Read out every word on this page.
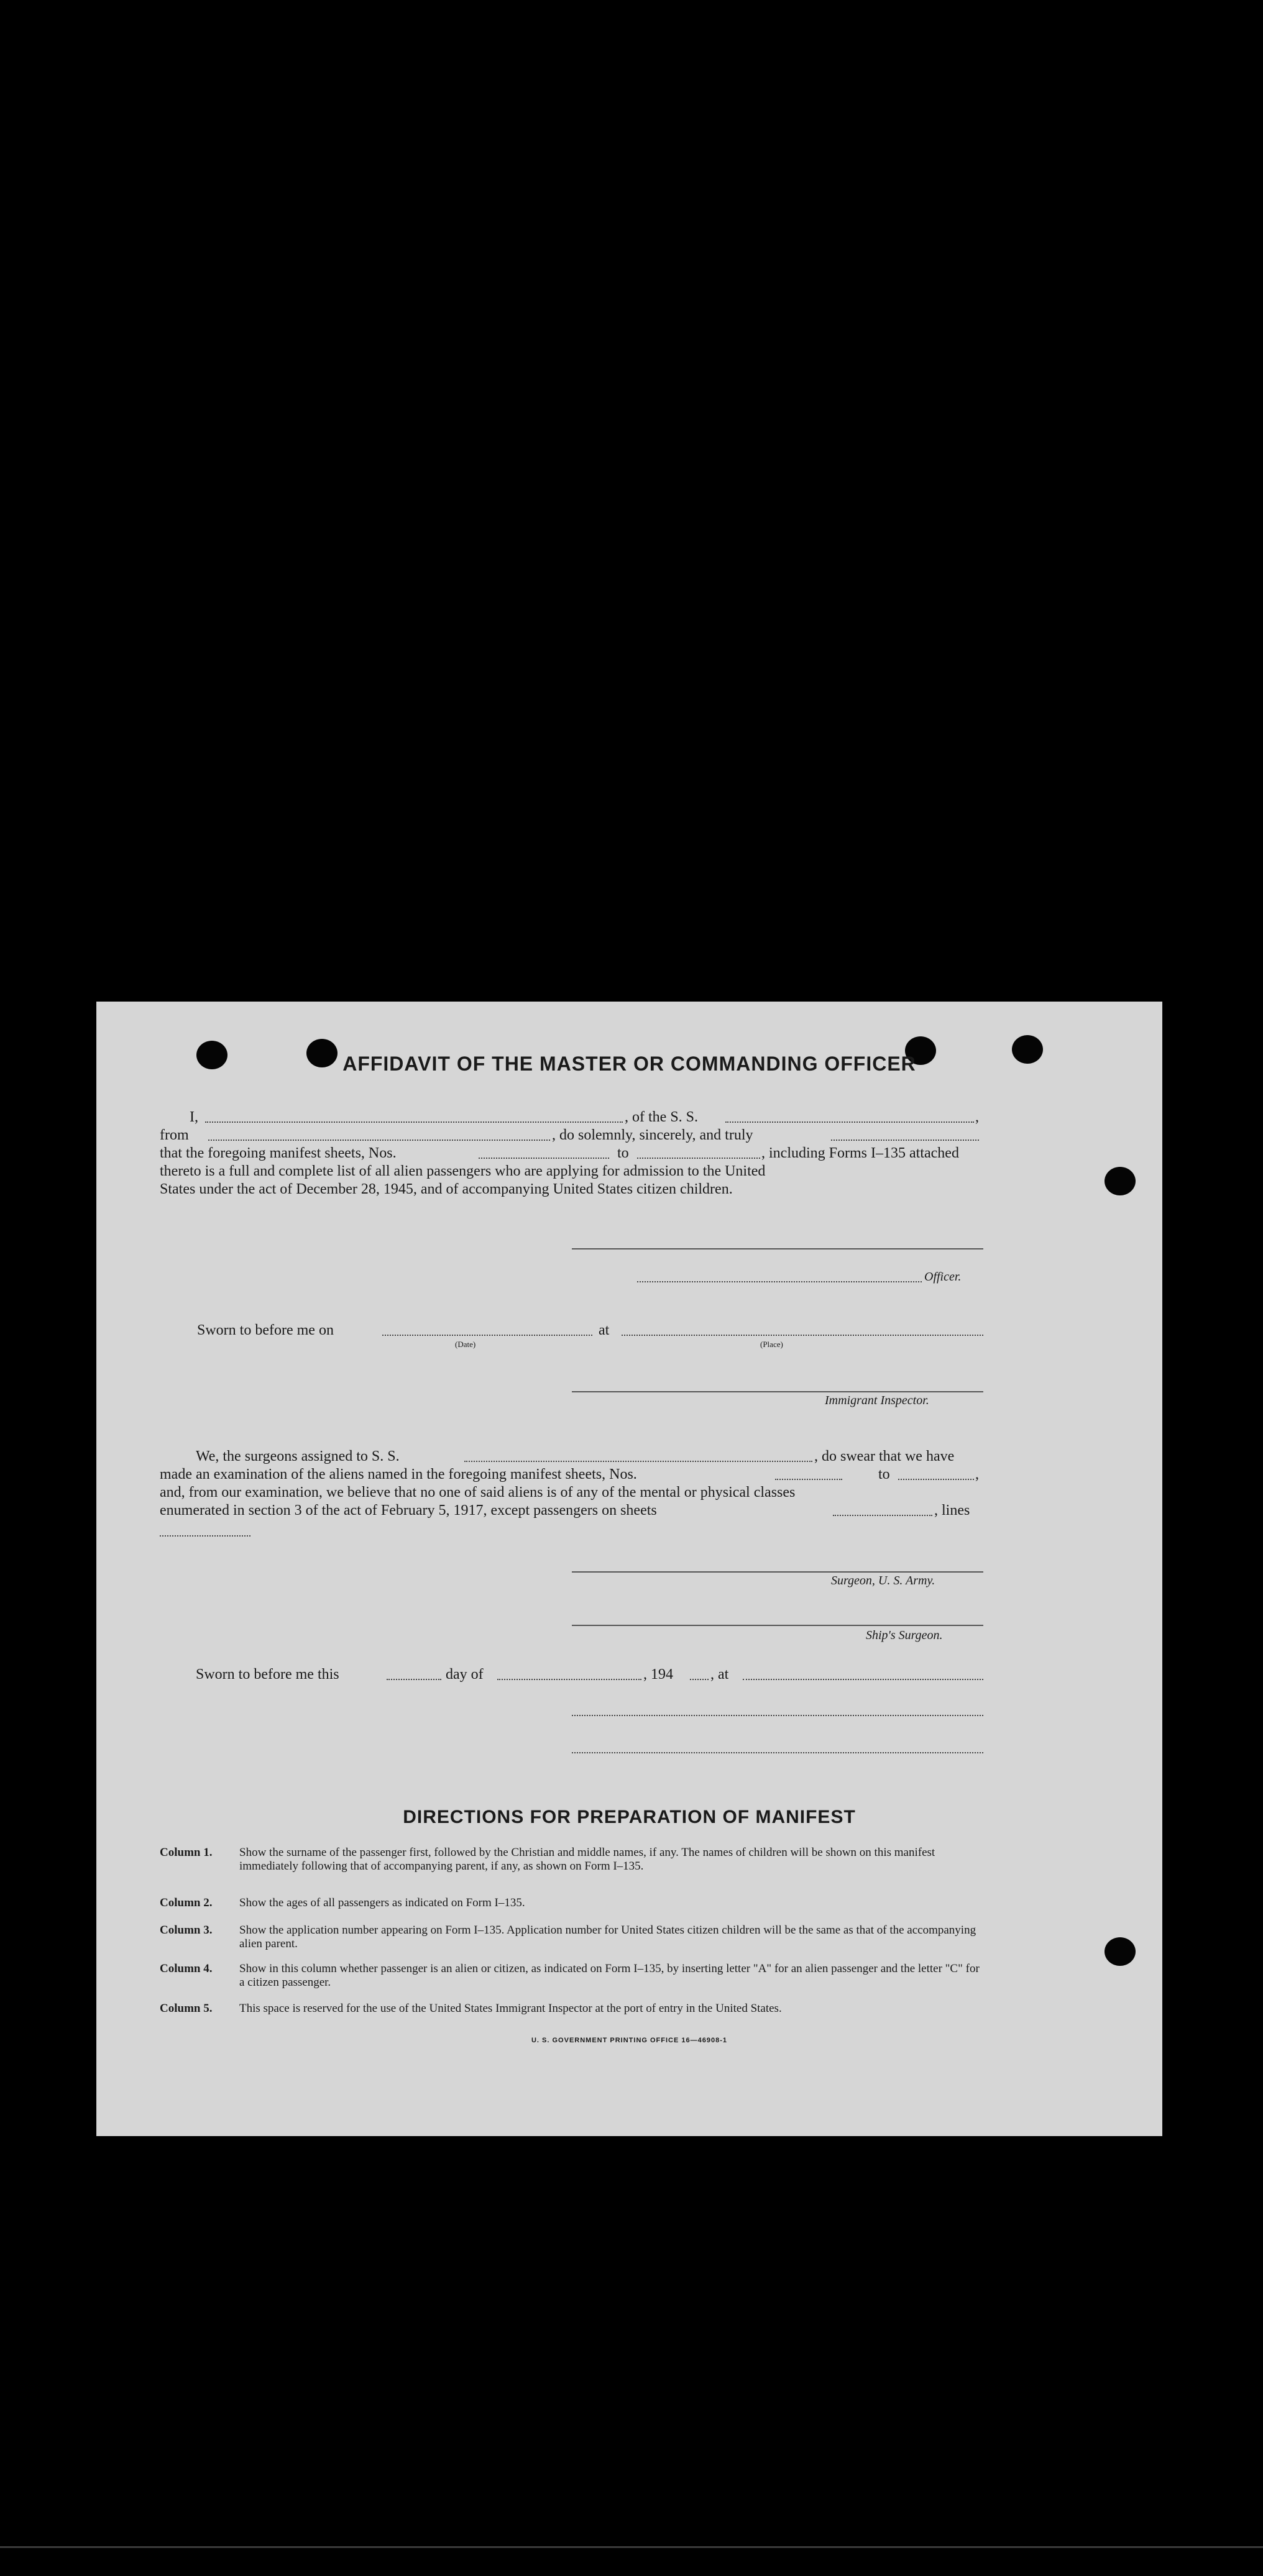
AFFIDAVIT OF THE MASTER OR COMMANDING OFFICER
I,	, of the S. S.	,
from	, do solemnly, sincerely, and truly
that the foregoing manifest sheets, Nos.	to	, including Forms I–135 attached
thereto is a full and complete list of all alien passengers who are applying for admission to the United
States under the act of December 28, 1945, and of accompanying United States citizen children.
Officer.
Sworn to before me on	at
(Date)	(Place)
Immigrant Inspector.
We, the surgeons assigned to S. S.	, do swear that we have
made an examination of the aliens named in the foregoing manifest sheets, Nos.	to	,
and, from our examination, we believe that no one of said aliens is of any of the mental or physical classes
enumerated in section 3 of the act of February 5, 1917, except passengers on sheets	, lines
Surgeon, U. S. Army.
Ship's Surgeon.
Sworn to before me this	day of	, 194	, at
DIRECTIONS FOR PREPARATION OF MANIFEST
Column 1. Show the surname of the passenger first, followed by the Christian and middle names, if any. The names of children will be shown on this manifest immediately following that of accompanying parent, if any, as shown on Form I–135.
Column 2. Show the ages of all passengers as indicated on Form I–135.
Column 3. Show the application number appearing on Form I–135. Application number for United States citizen children will be the same as that of the accompanying alien parent.
Column 4. Show in this column whether passenger is an alien or citizen, as indicated on Form I–135, by inserting letter "A" for an alien passenger and the letter "C" for a citizen passenger.
Column 5. This space is reserved for the use of the United States Immigrant Inspector at the port of entry in the United States.
U. S. GOVERNMENT PRINTING OFFICE 16—46908-1
